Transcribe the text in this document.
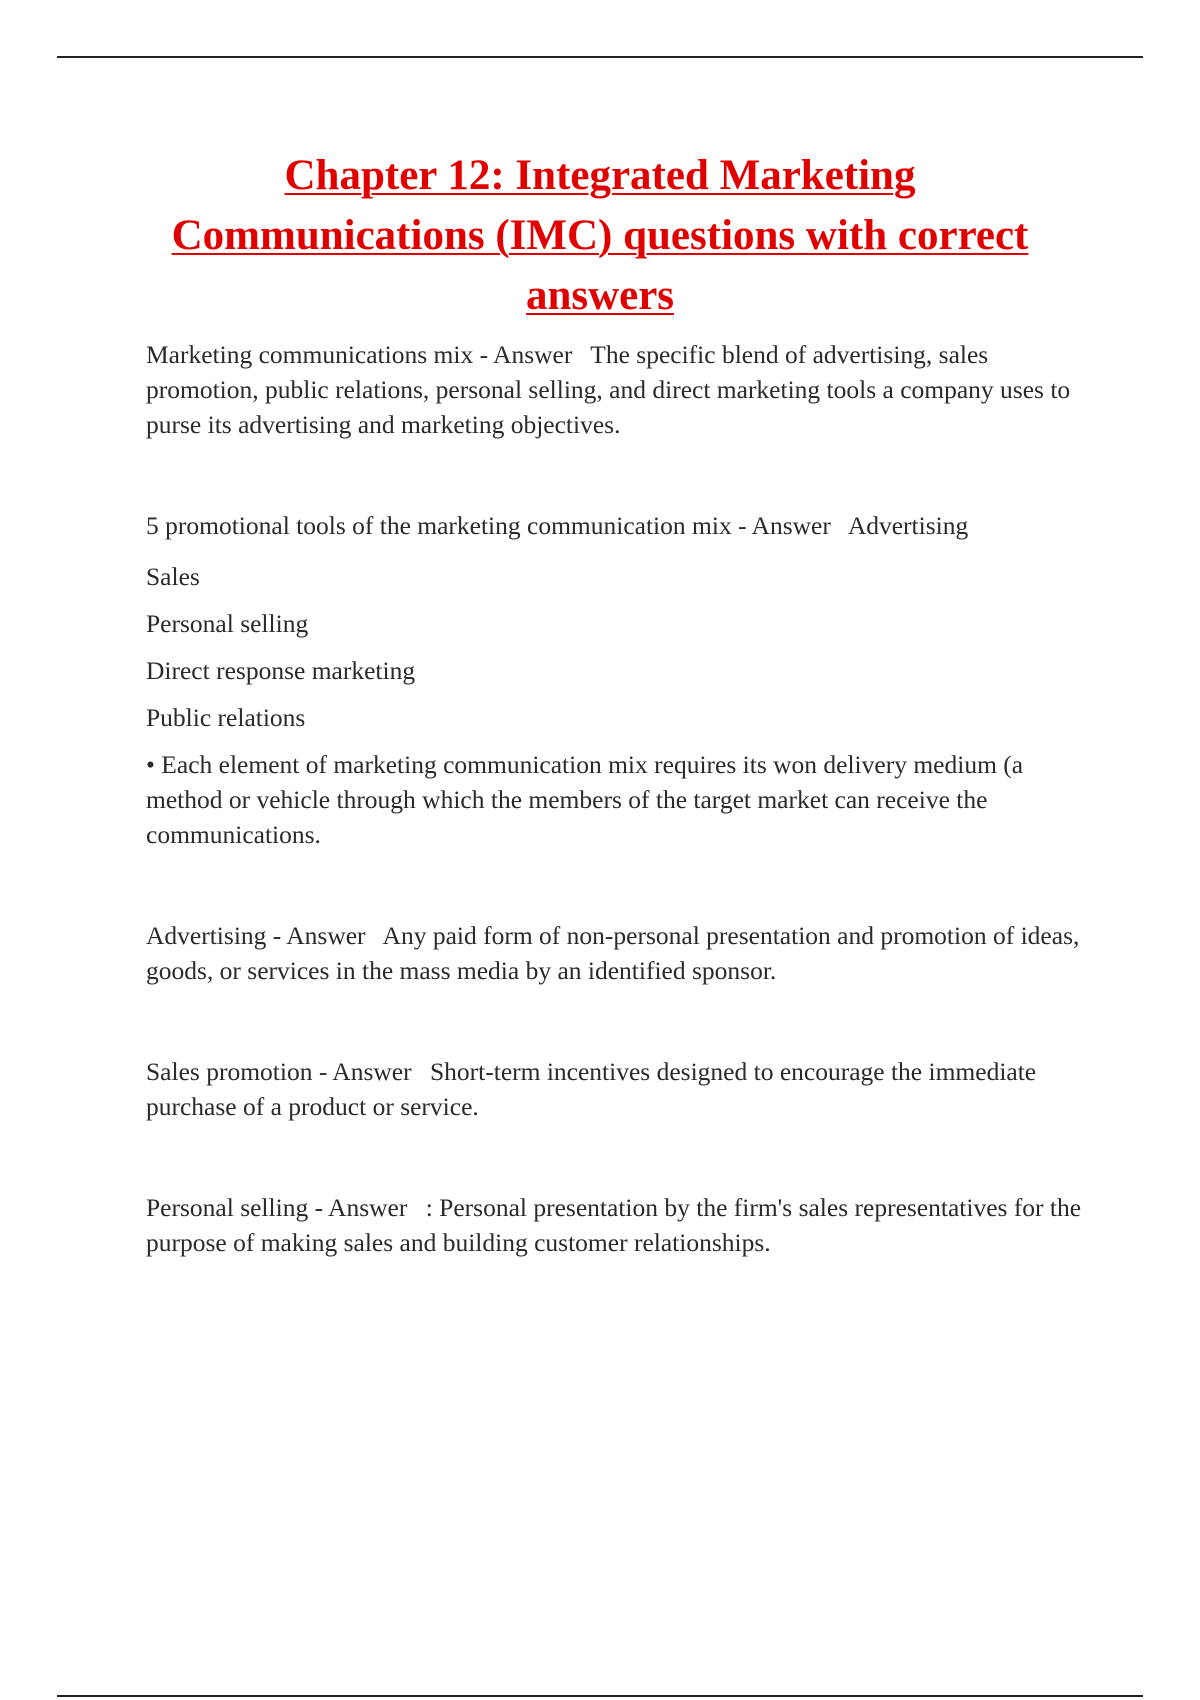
Chapter 12: Integrated Marketing Communications (IMC) questions with correct answers

Marketing communications mix - Answer The specific blend of advertising, sales promotion, public relations, personal selling, and direct marketing tools a company uses to purse its advertising and marketing objectives.

5 promotional tools of the marketing communication mix - Answer Advertising

Sales

Personal selling

Direct response marketing

Public relations

• Each element of marketing communication mix requires its won delivery medium (a method or vehicle through which the members of the target market can receive the communications.

Advertising - Answer Any paid form of non-personal presentation and promotion of ideas, goods, or services in the mass media by an identified sponsor.

Sales promotion - Answer Short-term incentives designed to encourage the immediate purchase of a product or service.

Personal selling - Answer : Personal presentation by the firm's sales representatives for the purpose of making sales and building customer relationships.
